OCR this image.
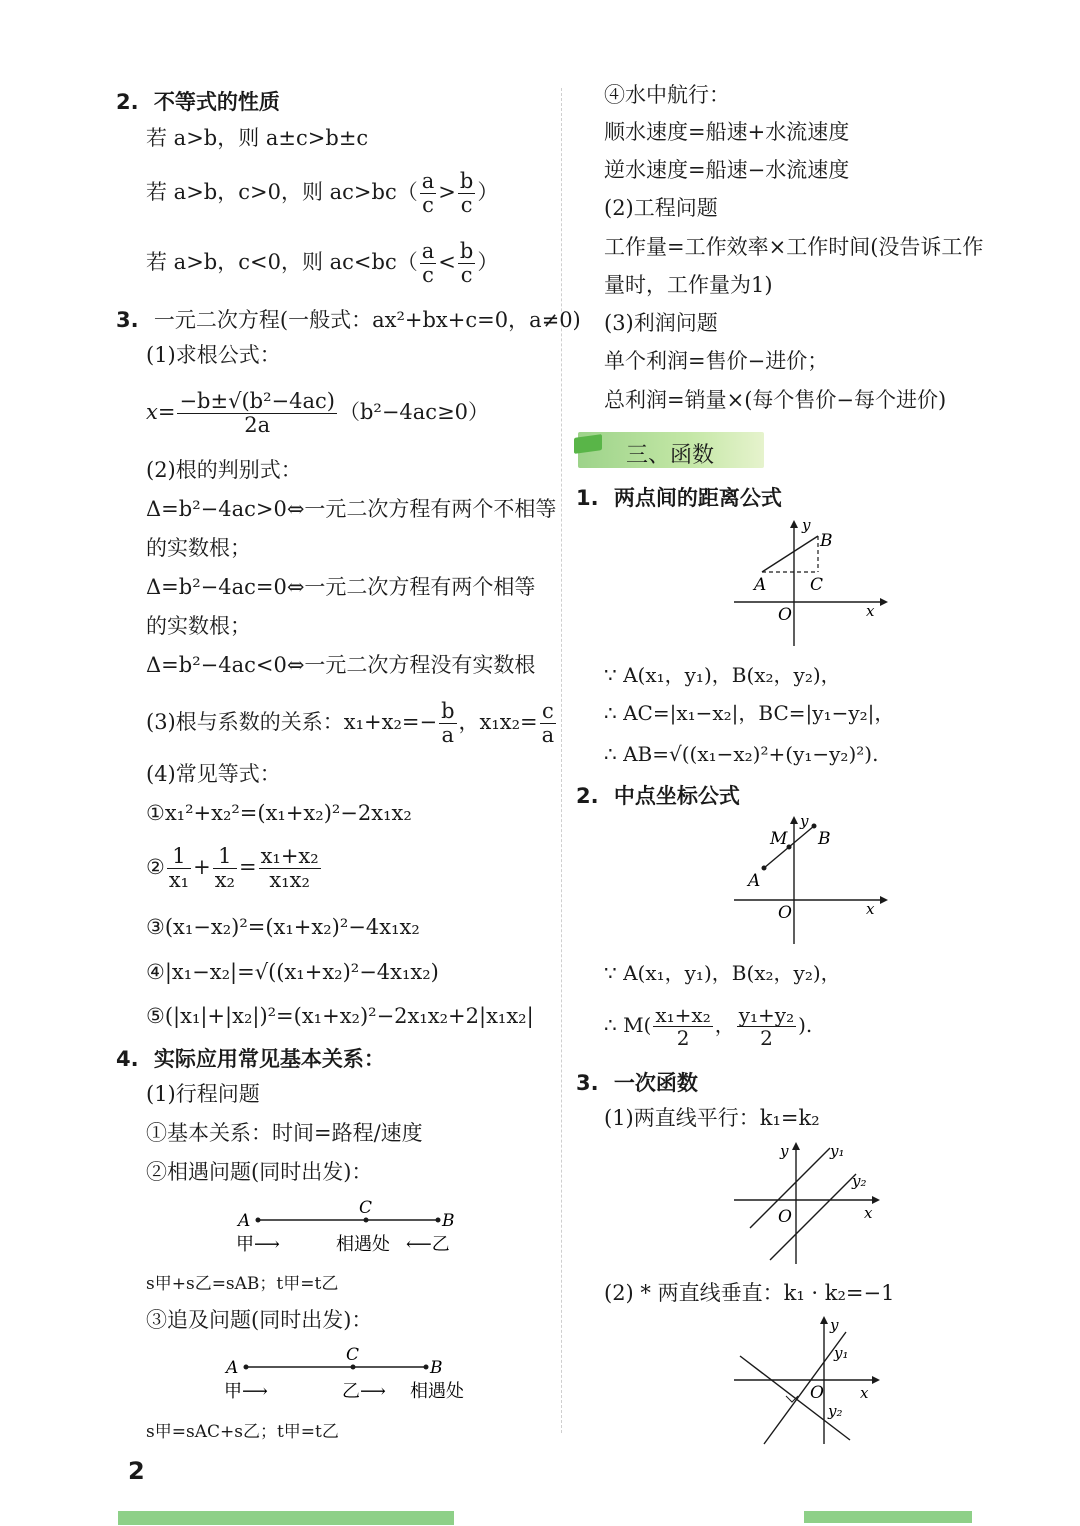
2. 不等式的性质
若 a>b，则 a±c>b±c
若 a>b，c>0，则 $ac>bc( \frac{a}{c} > \frac{b}{c}$ ）
若 a>b，c<0，则 $ac<bc( \frac{a}{c} < \frac{b}{c}$ ）
3. 一元二次方程(一般式：ax²+bx+c=0，a≠0)
(1)求根公式：
$x= \frac{\text{−b±√(b²−4ac)}}{2a} (b^2-4ac\ge 0)$
(2)根的判别式：
Δ=b²−4ac>0⇔一元二次方程有两个不相等
的实数根；
Δ=b²−4ac=0⇔一元二次方程有两个相等
的实数根；
Δ=b²−4ac<0⇔一元二次方程没有实数根
(3)根与系数的关系：$x_1+x_2=- \frac{b}{a}$ ，$x_1x_2= \frac{c}{a}$
(4)常见等式：
①x₁²+x₂²=(x₁+x₂)²−2x₁x₂
② $\frac{1}{\text{x₁}} + \frac{1}{\text{x₂}} = \frac{\text{x₁+x₂}}{\text{x₁x₂}}$
③(x₁−x₂)²=(x₁+x₂)²−4x₁x₂
④|x₁−x₂|=√((x₁+x₂)²−4x₁x₂)
⑤(|x₁|+|x₂|)²=(x₁+x₂)²−2x₁x₂+2|x₁x₂|
4. 实际应用常见基本关系：
(1)行程问题
①基本关系：时间=路程/速度
②相遇问题(同时出发)：
A	B
C
甲⟶	相遇处 ⟵乙
s甲+s乙=sAB；t甲=t乙
③追及问题(同时出发)：
A	B
C
甲⟶	乙⟶ 相遇处
s甲=sAC+s乙；t甲=t乙
④水中航行：
顺水速度=船速+水流速度
逆水速度=船速−水流速度
(2)工程问题
工作量=工作效率×工作时间(没告诉工作
量时，工作量为1)
(3)利润问题
单个利润=售价−进价；
总利润=销量×(每个售价−每个进价)
三、函数
1. 两点间的距离公式
y
x
O
A
B
C
∵ A(x₁，y₁)，B(x₂，y₂)，
∴ AC=|x₁−x₂|，BC=|y₁−y₂|，
∴ AB=√((x₁−x₂)²+(y₁−y₂)²).
2. 中点坐标公式
y
x
O
A
B
M
∵ A(x₁，y₁)，B(x₂，y₂)，
∴ $M( \frac{\text{x₁+x₂}}{2}$ ， $\frac{\text{y₁+y₂}}{2}$ ).
3. 一次函数
(1)两直线平行：k₁=k₂
y
x
O
y₁
y₂
(2) * 两直线垂直：k₁ · k₂=−1
y
x
O
y₁
y₂
2
